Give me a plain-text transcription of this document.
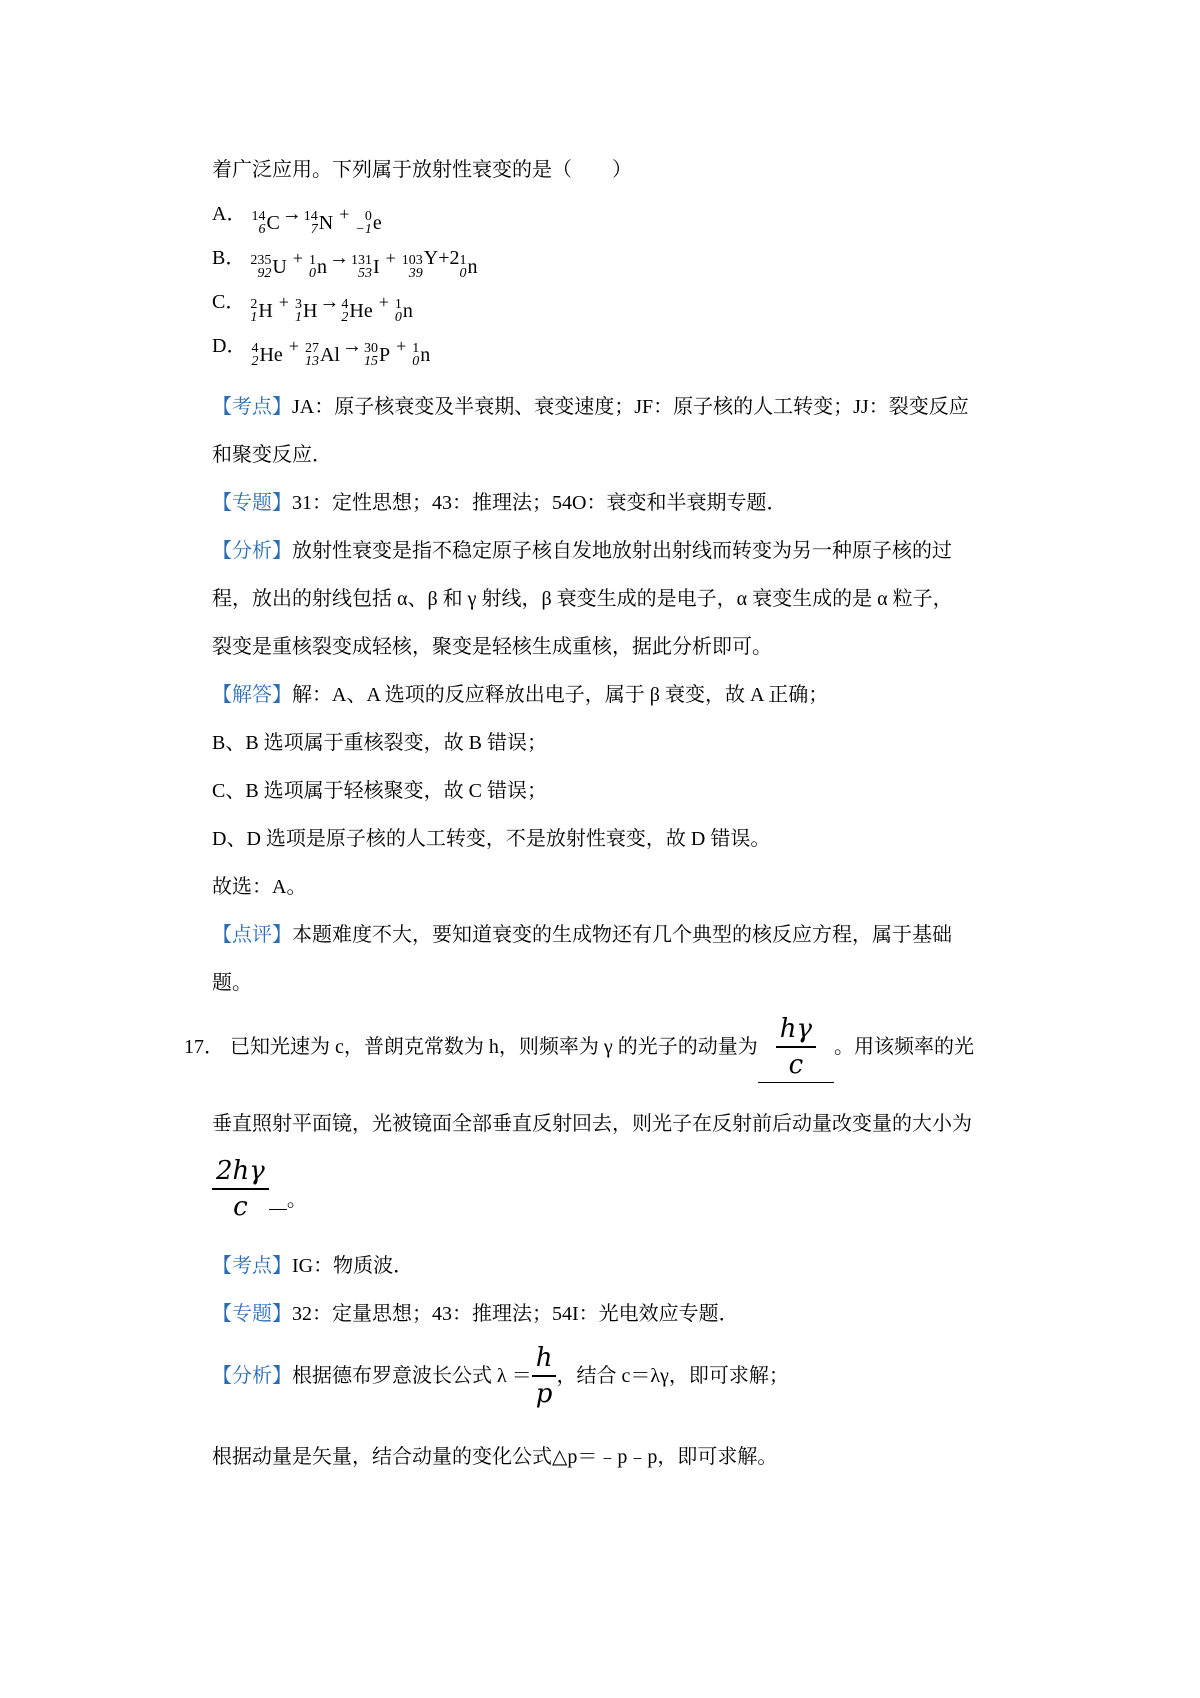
着广泛应用。下列属于放射性衰变的是（　　）
A． 14
6 C → 14
7 N + 0
−1 e
B． 235
92 U + 1
0 n → 131
53 I + 103
39
Y+2 1
0 n
C． 2
1 H + 3
1 H → 4
2 He + 1
0 n
D． 4
2 He + 27
13 Al → 30
15 P + 1
0 n
【考点】JA：原子核衰变及半衰期、衰变速度；JF：原子核的人工转变；JJ：裂变反应
和聚变反应．
【专题】31：定性思想；43：推理法；54O：衰变和半衰期专题．
【分析】放射性衰变是指不稳定原子核自发地放射出射线而转变为另一种原子核的过
程，放出的射线包括 α、β 和 γ 射线，β 衰变生成的是电子，α 衰变生成的是 α 粒子，
裂变是重核裂变成轻核，聚变是轻核生成重核，据此分析即可。
【解答】解：A、A 选项的反应释放出电子，属于 β 衰变，故 A 正确；
B、B 选项属于重核裂变，故 B 错误；
C、B 选项属于轻核聚变，故 C 错误；
D、D 选项是原子核的人工转变，不是放射性衰变，故 D 错误。
故选：A。
【点评】本题难度不大，要知道衰变的生成物还有几个典型的核反应方程，属于基础
题。
17． 已知光速为 c，普朗克常数为 h，则频率为 γ 的光子的动量为 $\frac{h\gamma}{c}$ 。用该频率的光
垂直照射平面镜，光被镜面全部垂直反射回去，则光子在反射前后动量改变量的大小为
$\frac{2h\gamma}{c}$ 。
【考点】IG：物质波．
【专题】32：定量思想；43：推理法；54I：光电效应专题．
【分析】 根据德布罗意波长公式 $\lambda = \frac{h}{p}$ ，结合 c＝λγ，即可求解；
根据动量是矢量，结合动量的变化公式△p＝﹣p﹣p，即可求解。
